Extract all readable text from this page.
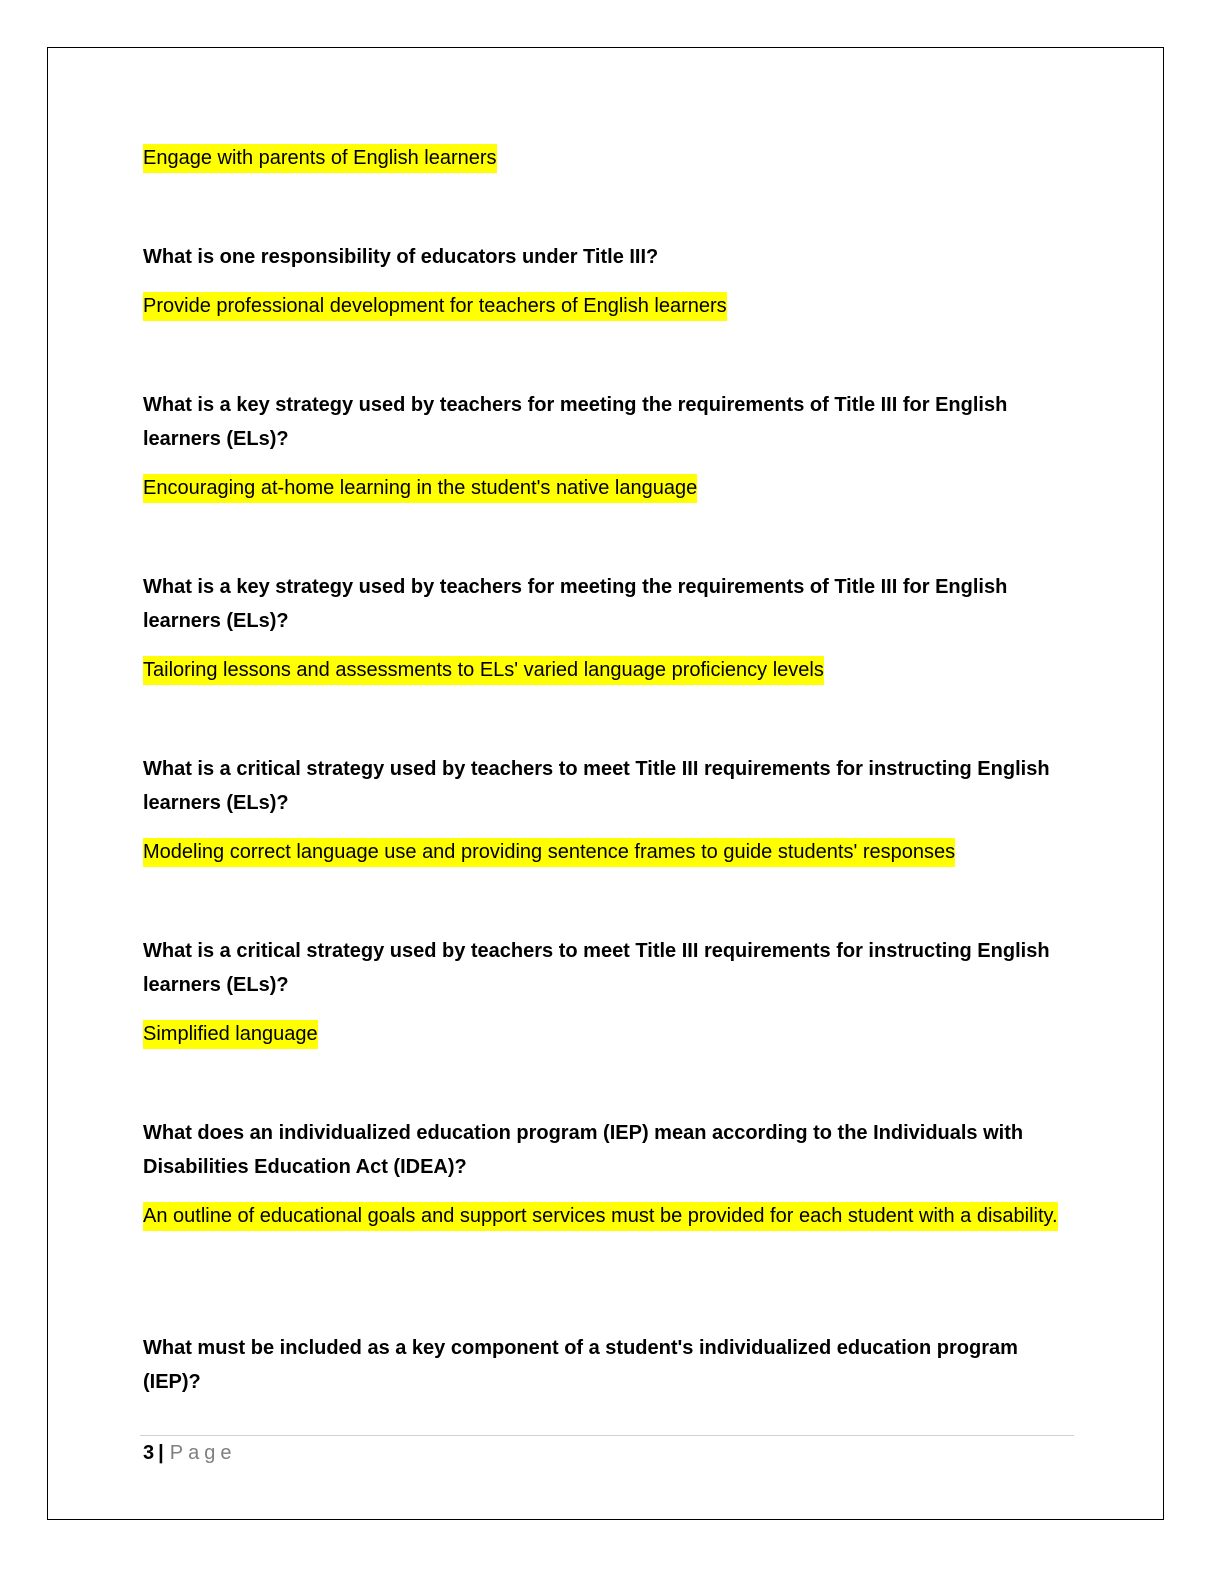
Engage with parents of English learners
What is one responsibility of educators under Title III?
Provide professional development for teachers of English learners
What is a key strategy used by teachers for meeting the requirements of Title III for English learners (ELs)?
Encouraging at-home learning in the student's native language
What is a key strategy used by teachers for meeting the requirements of Title III for English learners (ELs)?
Tailoring lessons and assessments to ELs' varied language proficiency levels
What is a critical strategy used by teachers to meet Title III requirements for instructing English learners (ELs)?
Modeling correct language use and providing sentence frames to guide students' responses
What is a critical strategy used by teachers to meet Title III requirements for instructing English learners (ELs)?
Simplified language
What does an individualized education program (IEP) mean according to the Individuals with Disabilities Education Act (IDEA)?
An outline of educational goals and support services must be provided for each student with a disability.
What must be included as a key component of a student's individualized education program (IEP)?
3 | Page
